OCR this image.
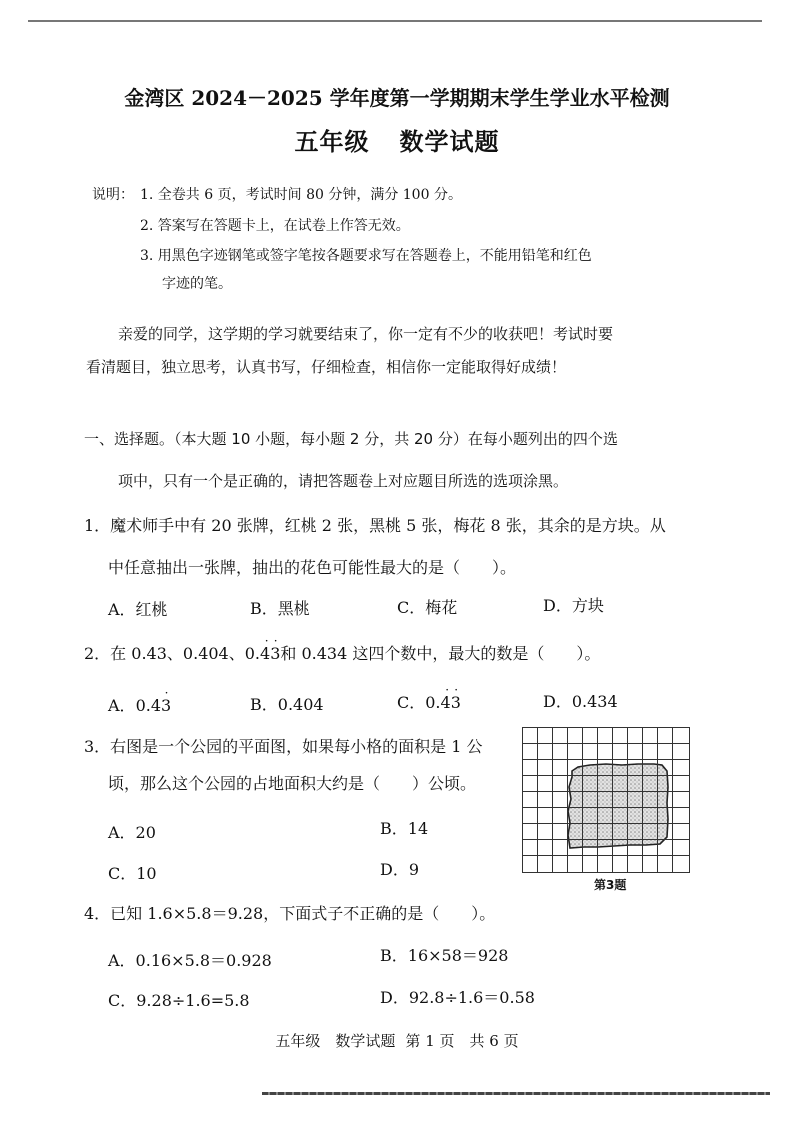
金湾区 2024－2025 学年度第一学期期末学生学业水平检测
五年级 数学试题
说明： 1. 全卷共 6 页，考试时间 80 分钟，满分 100 分。
2. 答案写在答题卡上，在试卷上作答无效。
3. 用黑色字迹钢笔或签字笔按各题要求写在答题卷上，不能用铅笔和红色
字迹的笔。
亲爱的同学，这学期的学习就要结束了，你一定有不少的收获吧！考试时要
看清题目，独立思考，认真书写，仔细检查，相信你一定能取得好成绩！
一、选择题。（本大题 10 小题，每小题 2 分，共 20 分）在每小题列出的四个选
项中，只有一个是正确的，请把答题卷上对应题目所选的选项涂黑。
1．魔术师手中有 20 张牌，红桃 2 张，黑桃 5 张，梅花 8 张，其余的是方块。从
中任意抽出一张牌，抽出的花色可能性最大的是（　　）。
A．红桃	B．黑桃	C．梅花	D．方块
2．在 0.43、0.404、0.43
· ·
和 0.434 这四个数中，最大的数是（　　）。
A．0.43
·
B．0.404	C．0.43
· ·
D．0.434
3．右图是一个公园的平面图，如果每小格的面积是 1 公
顷，那么这个公园的占地面积大约是（　　）公顷。
A．20	B．14
C．10	D．9
第3题
4．已知 1.6×5.8＝9.28，下面式子不正确的是（　　）。
A．0.16×5.8＝0.928	B．16×58＝928
C．9.28÷1.6=5.8	D．92.8÷1.6＝0.58
五年级　数学试题 第 1 页　共 6 页
